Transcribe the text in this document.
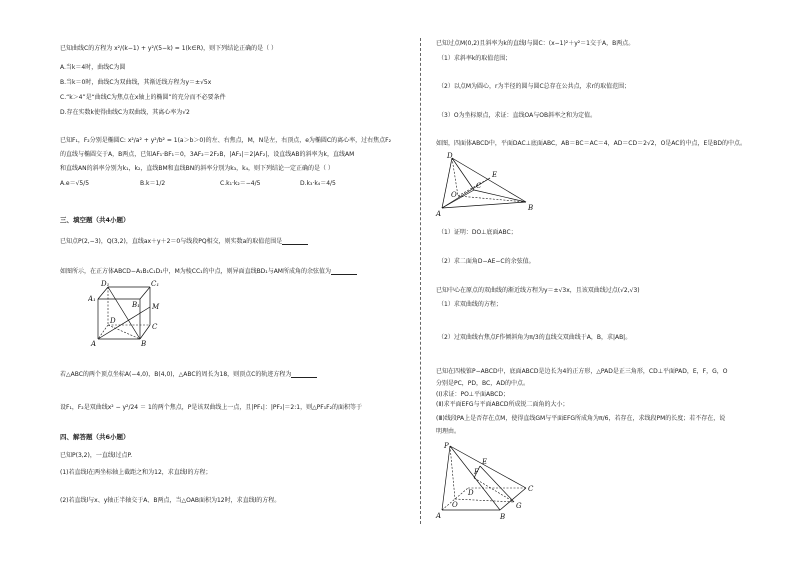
已知曲线C的方程为 x²/(k−1) + y²/(5−k) = 1(k∈R)，则下列结论正确的是（ ）
A.当k＝4时，曲线C为圆
B.当k＝0时，曲线C为双曲线，其渐近线方程为y＝±√5x
C.“k＞4”是“曲线C为焦点在x轴上的椭圆”的充分而不必要条件
D.存在实数k使得曲线C为双曲线，其离心率为√2
已知F₁，F₂分别是椭圆C: x²/a² + y²/b² = 1(a＞b＞0)的左、右焦点，M，N是左，右顶点，e为椭圆C的离心率，过右焦点F₂
的直线与椭圆交于A，B两点，已知AF₁·BF₁＝0，3AF₂＝2F₂B，|AF₁|＝2|AF₂|，设直线AB的斜率为k，直线AM
和直线AN的斜率分别为k₁，k₂，直线BM和直线BN的斜率分别为k₃，k₄，则下列结论一定正确的是（ ）
A.e＝√5/5	B.k＝1/2	C.k₁·k₂＝−4/5	D.k₃·k₄＝4/5
三、填空题（共4小题）
已知点P(2,−3)，Q(3,2)，直线ax＋y＋2＝0与线段PQ相交，则实数a的取值范围是
如图所示，在正方体ABCD−A₁B₁C₁D₁中，M为棱CC₁的中点，则异面直线BD₁与AM所成角的余弦值为
D₁	C₁
A₁
B₁ M
D
C
A	B
若△ABC的两个顶点坐标A(−4,0)，B(4,0)，△ABC的周长为18，则顶点C的轨迹方程为
设F₁，F₂是双曲线x² − y²/24 ＝ 1的两个焦点，P是该双曲线上一点，且|PF₁|：|PF₂|＝2:1，则△PF₁F₂的面积等于
四、解答题（共6小题）
已知P(3,2)，一直线l过点P.
(1)若直线l在两坐标轴上截距之和为12，求直线l的方程；
(2)若直线l与x、y轴正半轴交于A、B两点，当△OAB面积为12时，求直线l的方程。
已知过点M(0,2)且斜率为k的直线l与圆C：(x−1)²＋y²＝1交于A，B两点。
（1）求斜率k的取值范围；
（2）以点M为圆心，r为半径的圆与圆C总存在公共点，求r的取值范围；
（3）O为坐标原点，求证：直线OA与OB斜率之和为定值。
如图，四面体ABCD中，平面DAC⊥底面ABC，AB＝BC＝AC＝4，AD＝CD＝2√2，O是AC的中点，E是BD的中点。
D
E
C
O
A
B
（1）证明：DO⊥底面ABC；
（2）求二面角D−AE−C的余弦值。
已知中心在原点的双曲线的渐近线方程为y＝±√3x，且该双曲线过点(√2,√3)
（1）求双曲线的方程；
（2）过双曲线右焦点F作倾斜角为π/3的直线交双曲线于A，B，求|AB|。
已知在四棱锥P−ABCD中，底面ABCD是边长为4的正方形，△PAD是正三角形，CD⊥平面PAD，E，F，G，O
分别是PC，PD，BC，AD的中点。
(Ⅰ)求证：PO⊥平面ABCD；
(Ⅱ)求平面EFG与平面ABCD所成锐二面角的大小；
(Ⅲ)线段PA上是否存在点M，使得直线GM与平面EFG所成角为π/6，若存在，求线段PM的长度；若不存在，说
明理由。
P
E
F
D	C
O
A	B
G
